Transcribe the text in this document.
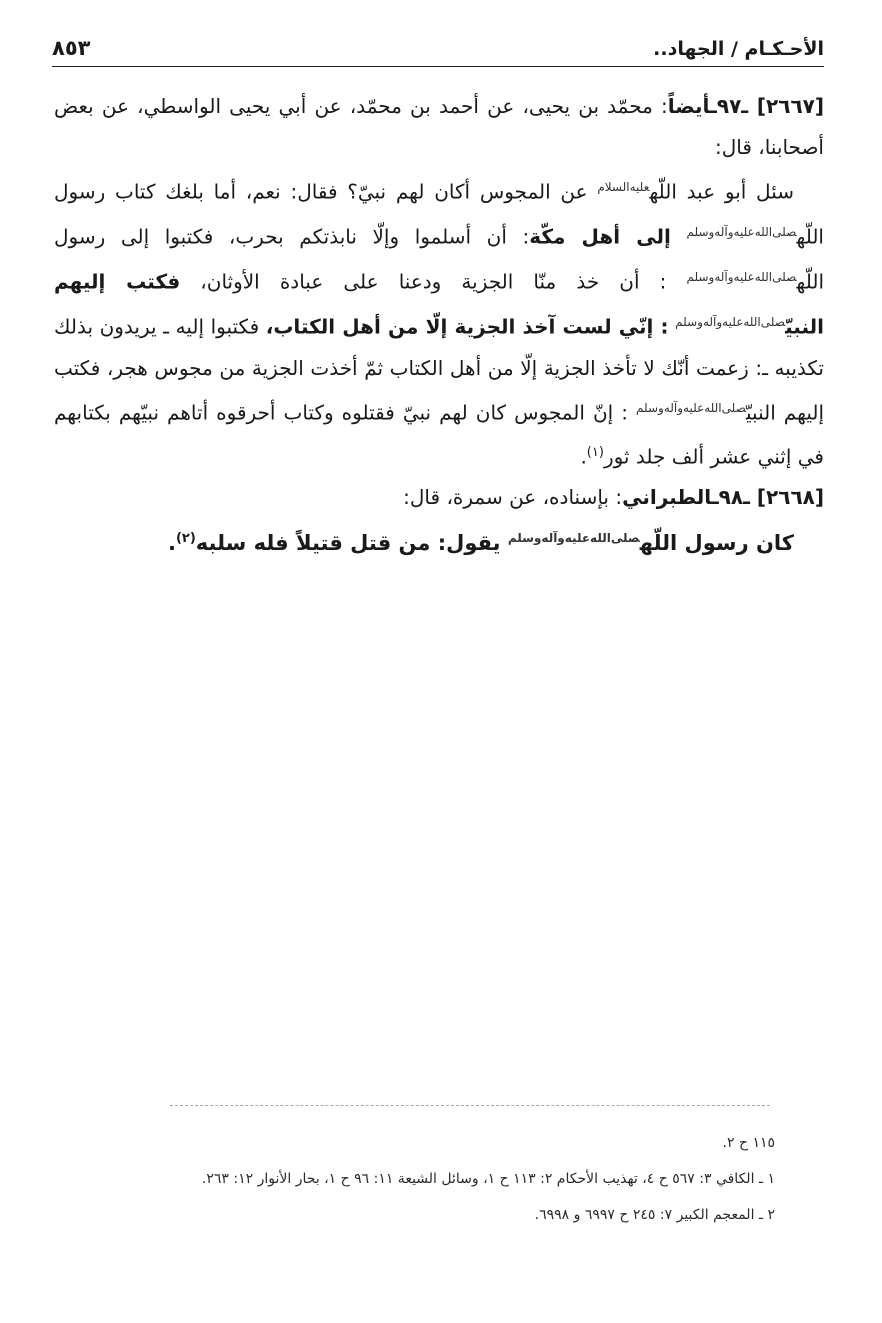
٨٥٣	الأحـكـام / الجهاد..

[٢٦٦٧] ـ٩٧ـأيضاً: محمّد بن يحيى، عن أحمد بن محمّد، عن أبي يحيى الواسطي، عن بعض أصحابنا، قال:

سئل أبو عبد اللّه$^{عليه‌السلام}$ عن المجوس أكان لهم نبيّ؟ فقال: نعم، أما بلغك كتاب رسول اللّه$^{صلى‌الله‌عليه‌وآله‌وسلم}$ إلى أهل مكّة: أن أسلموا وإلّا نابذتكم بحرب، فكتبوا إلى رسول اللّه$^{صلى‌الله‌عليه‌وآله‌وسلم}$ : أن خذ منّا الجزية ودعنا على عبادة الأوثان، فكتب إليهم النبيّ$^{صلى‌الله‌عليه‌وآله‌وسلم}$ : إنّي لست آخذ الجزية إلّا من أهل الكتاب، فكتبوا إليه ـ يريدون بذلك تكذيبه ـ: زعمت أنّك لا تأخذ الجزية إلّا من أهل الكتاب ثمّ أخذت الجزية من مجوس هجر، فكتب إليهم النبيّ$^{صلى‌الله‌عليه‌وآله‌وسلم}$ : إنّ المجوس كان لهم نبيّ فقتلوه وكتاب أحرقوه أتاهم نبيّهم بكتابهم في إثني عشر ألف جلد ثور$^{(١)}$.

[٢٦٦٨] ـ٩٨ـالطبراني: بإسناده، عن سمرة، قال:

كان رسول اللّه$^{صلى‌الله‌عليه‌وآله‌وسلم}$ يقول: من قتل قتيلاً فله سلبه$^{(٢)}$.

١١٥ ح ٢.

١ ـ الكافي ٣: ٥٦٧ ح ٤، تهذيب الأحكام ٢: ١١٣ ح ١، وسائل الشيعة ١١: ٩٦ ح ١، بحار الأنوار ١٢: ٢٦٣.

٢ ـ المعجم الكبير ٧: ٢٤٥ ح ٦٩٩٧ و ٦٩٩٨.
